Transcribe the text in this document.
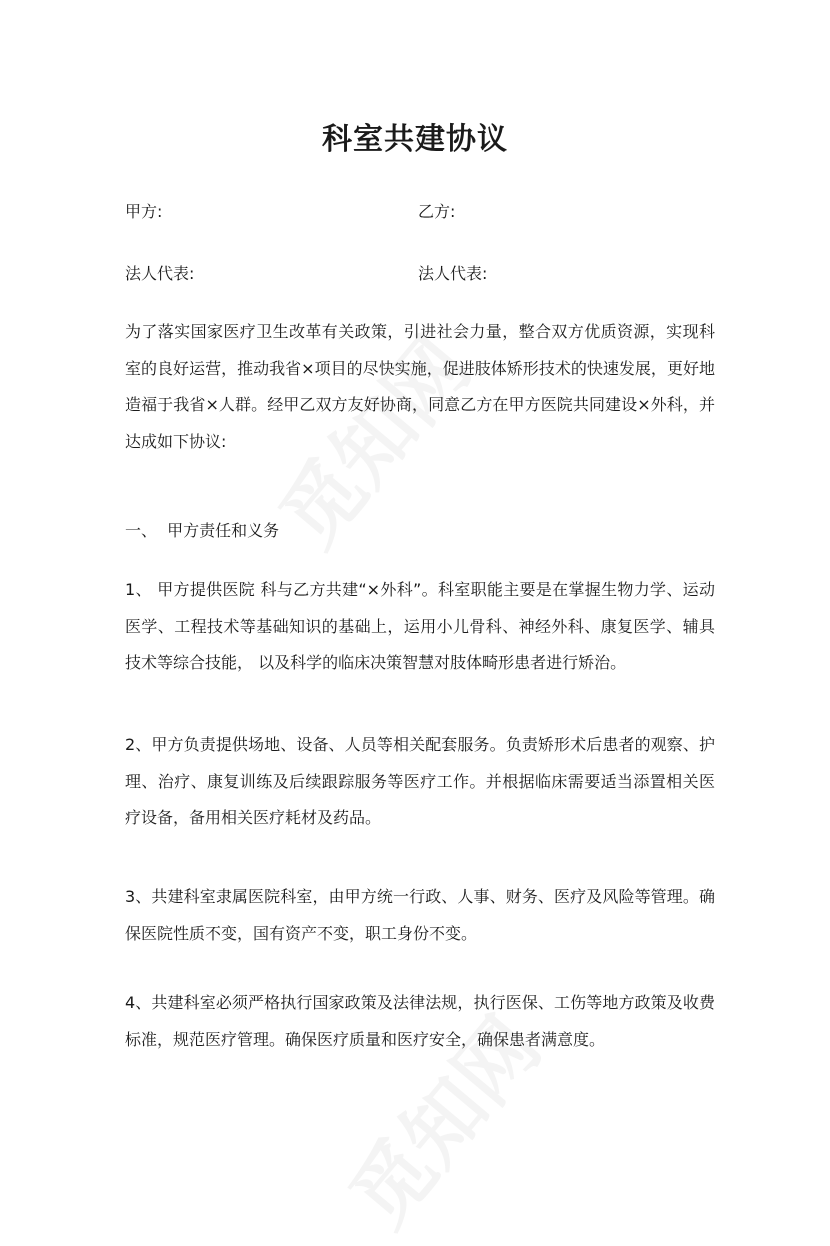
科室共建协议
甲方:	乙方:
法人代表:	法人代表:
为了落实国家医疗卫生改革有关政策，引进社会力量，整合双方优质资源，实现科室的良好运营，推动我省×项目的尽快实施，促进肢体矫形技术的快速发展，更好地造福于我省×人群。经甲乙双方友好协商，同意乙方在甲方医院共同建设×外科，并达成如下协议:
一、  甲方责任和义务
1、 甲方提供医院 科与乙方共建“×外科”。科室职能主要是在掌握生物力学、运动医学、工程技术等基础知识的基础上，运用小儿骨科、神经外科、康复医学、辅具技术等综合技能， 以及科学的临床决策智慧对肢体畸形患者进行矫治。
2、甲方负责提供场地、设备、人员等相关配套服务。负责矫形术后患者的观察、护理、治疗、康复训练及后续跟踪服务等医疗工作。并根据临床需要适当添置相关医疗设备，备用相关医疗耗材及药品。
3、共建科室隶属医院科室，由甲方统一行政、人事、财务、医疗及风险等管理。确保医院性质不变，国有资产不变，职工身份不变。
4、共建科室必须严格执行国家政策及法律法规，执行医保、工伤等地方政策及收费标准，规范医疗管理。确保医疗质量和医疗安全，确保患者满意度。
